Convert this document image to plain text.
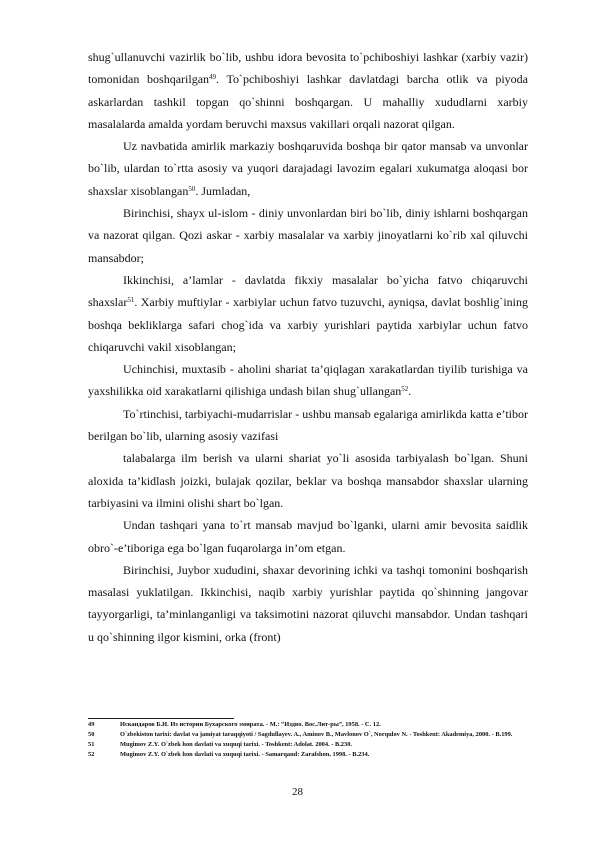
shug`ullanuvchi vazirlik bo`lib, ushbu idora bevosita to`pchiboshiyi lashkar (xarbiy vazir) tomonidan boshqarilgan$^{49}$. To`pchiboshiyi lashkar davlatdagi barcha otlik va piyoda askarlardan tashkil topgan qo`shinni boshqargan. U mahalliy xududlarni xarbiy masalalarda amalda yordam beruvchi maxsus vakillari orqali nazorat qilgan.

Uz navbatida amirlik markaziy boshqaruvida boshqa bir qator mansab va unvonlar bo`lib, ulardan to`rtta asosiy va yuqori darajadagi lavozim egalari xukumatga aloqasi bor shaxslar xisoblangan$^{50}$. Jumladan,

Birinchisi, shayx ul-islom - diniy unvonlardan biri bo`lib, diniy ishlarni boshqargan va nazorat qilgan. Qozi askar - xarbiy masalalar va xarbiy jinoyatlarni ko`rib xal qiluvchi mansabdor;

Ikkinchisi, a’lamlar - davlatda fikxiy masalalar bo`yicha fatvo chiqaruvchi shaxslar$^{51}$. Xarbiy muftiylar - xarbiylar uchun fatvo tuzuvchi, ayniqsa, davlat boshlig`ining boshqa bekliklarga safari chog`ida va xarbiy yurishlari paytida xarbiylar uchun fatvo chiqaruvchi vakil xisoblangan;

Uchinchisi, muxtasib - aholini shariat ta’qiqlagan xarakatlardan tiyilib turishiga va yaxshilikka oid xarakatlarni qilishiga undash bilan shug`ullangan$^{52}$.

To`rtinchisi, tarbiyachi-mudarrislar - ushbu mansab egalariga amirlikda katta e’tibor berilgan bo`lib, ularning asosiy vazifasi

talabalarga ilm berish va ularni shariat yo`li asosida tarbiyalash bo`lgan. Shuni aloxida ta’kidlash joizki, bulajak qozilar, beklar va boshqa mansabdor shaxslar ularning tarbiyasini va ilmini olishi shart bo`lgan.

Undan tashqari yana to`rt mansab mavjud bo`lganki, ularni amir bevosita saidlik obro`-e’tiboriga ega bo`lgan fuqarolarga in’om etgan.

Birinchisi, Juybor xududini, shaxar devorining ichki va tashqi tomonini boshqarish masalasi yuklatilgan. Ikkinchisi, naqib xarbiy yurishlar paytida qo`shinning jangovar tayyorgarligi, ta’minlanganligi va taksimotini nazorat qiluvchi mansabdor. Undan tashqari u qo`shinning ilgor kismini, orka (front)

49	Искандаров Б.И. Из истории Бухарского эмирата. - М.: “Издво. Вос.Лит-ры”, 1958. - С. 12.
50	O`zbekiston tarixi: davlat va jamiyat taraqqiyoti / Sagdullayev. A., Aminov B., Mavlonov O`, Norqulov N. - Toshkent: Akademiya, 2000. - B.199.
51	Mugimov Z.Y. O`zbek hon davlati va xuquqi tarixi. - Toshkent: Adolat. 2004. - B.230.
52	Mugimov Z.Y. O`zbek hon davlati va xuquqi tarixi. - Samarqand: Zarafshon, 1998. - B.234.
28
